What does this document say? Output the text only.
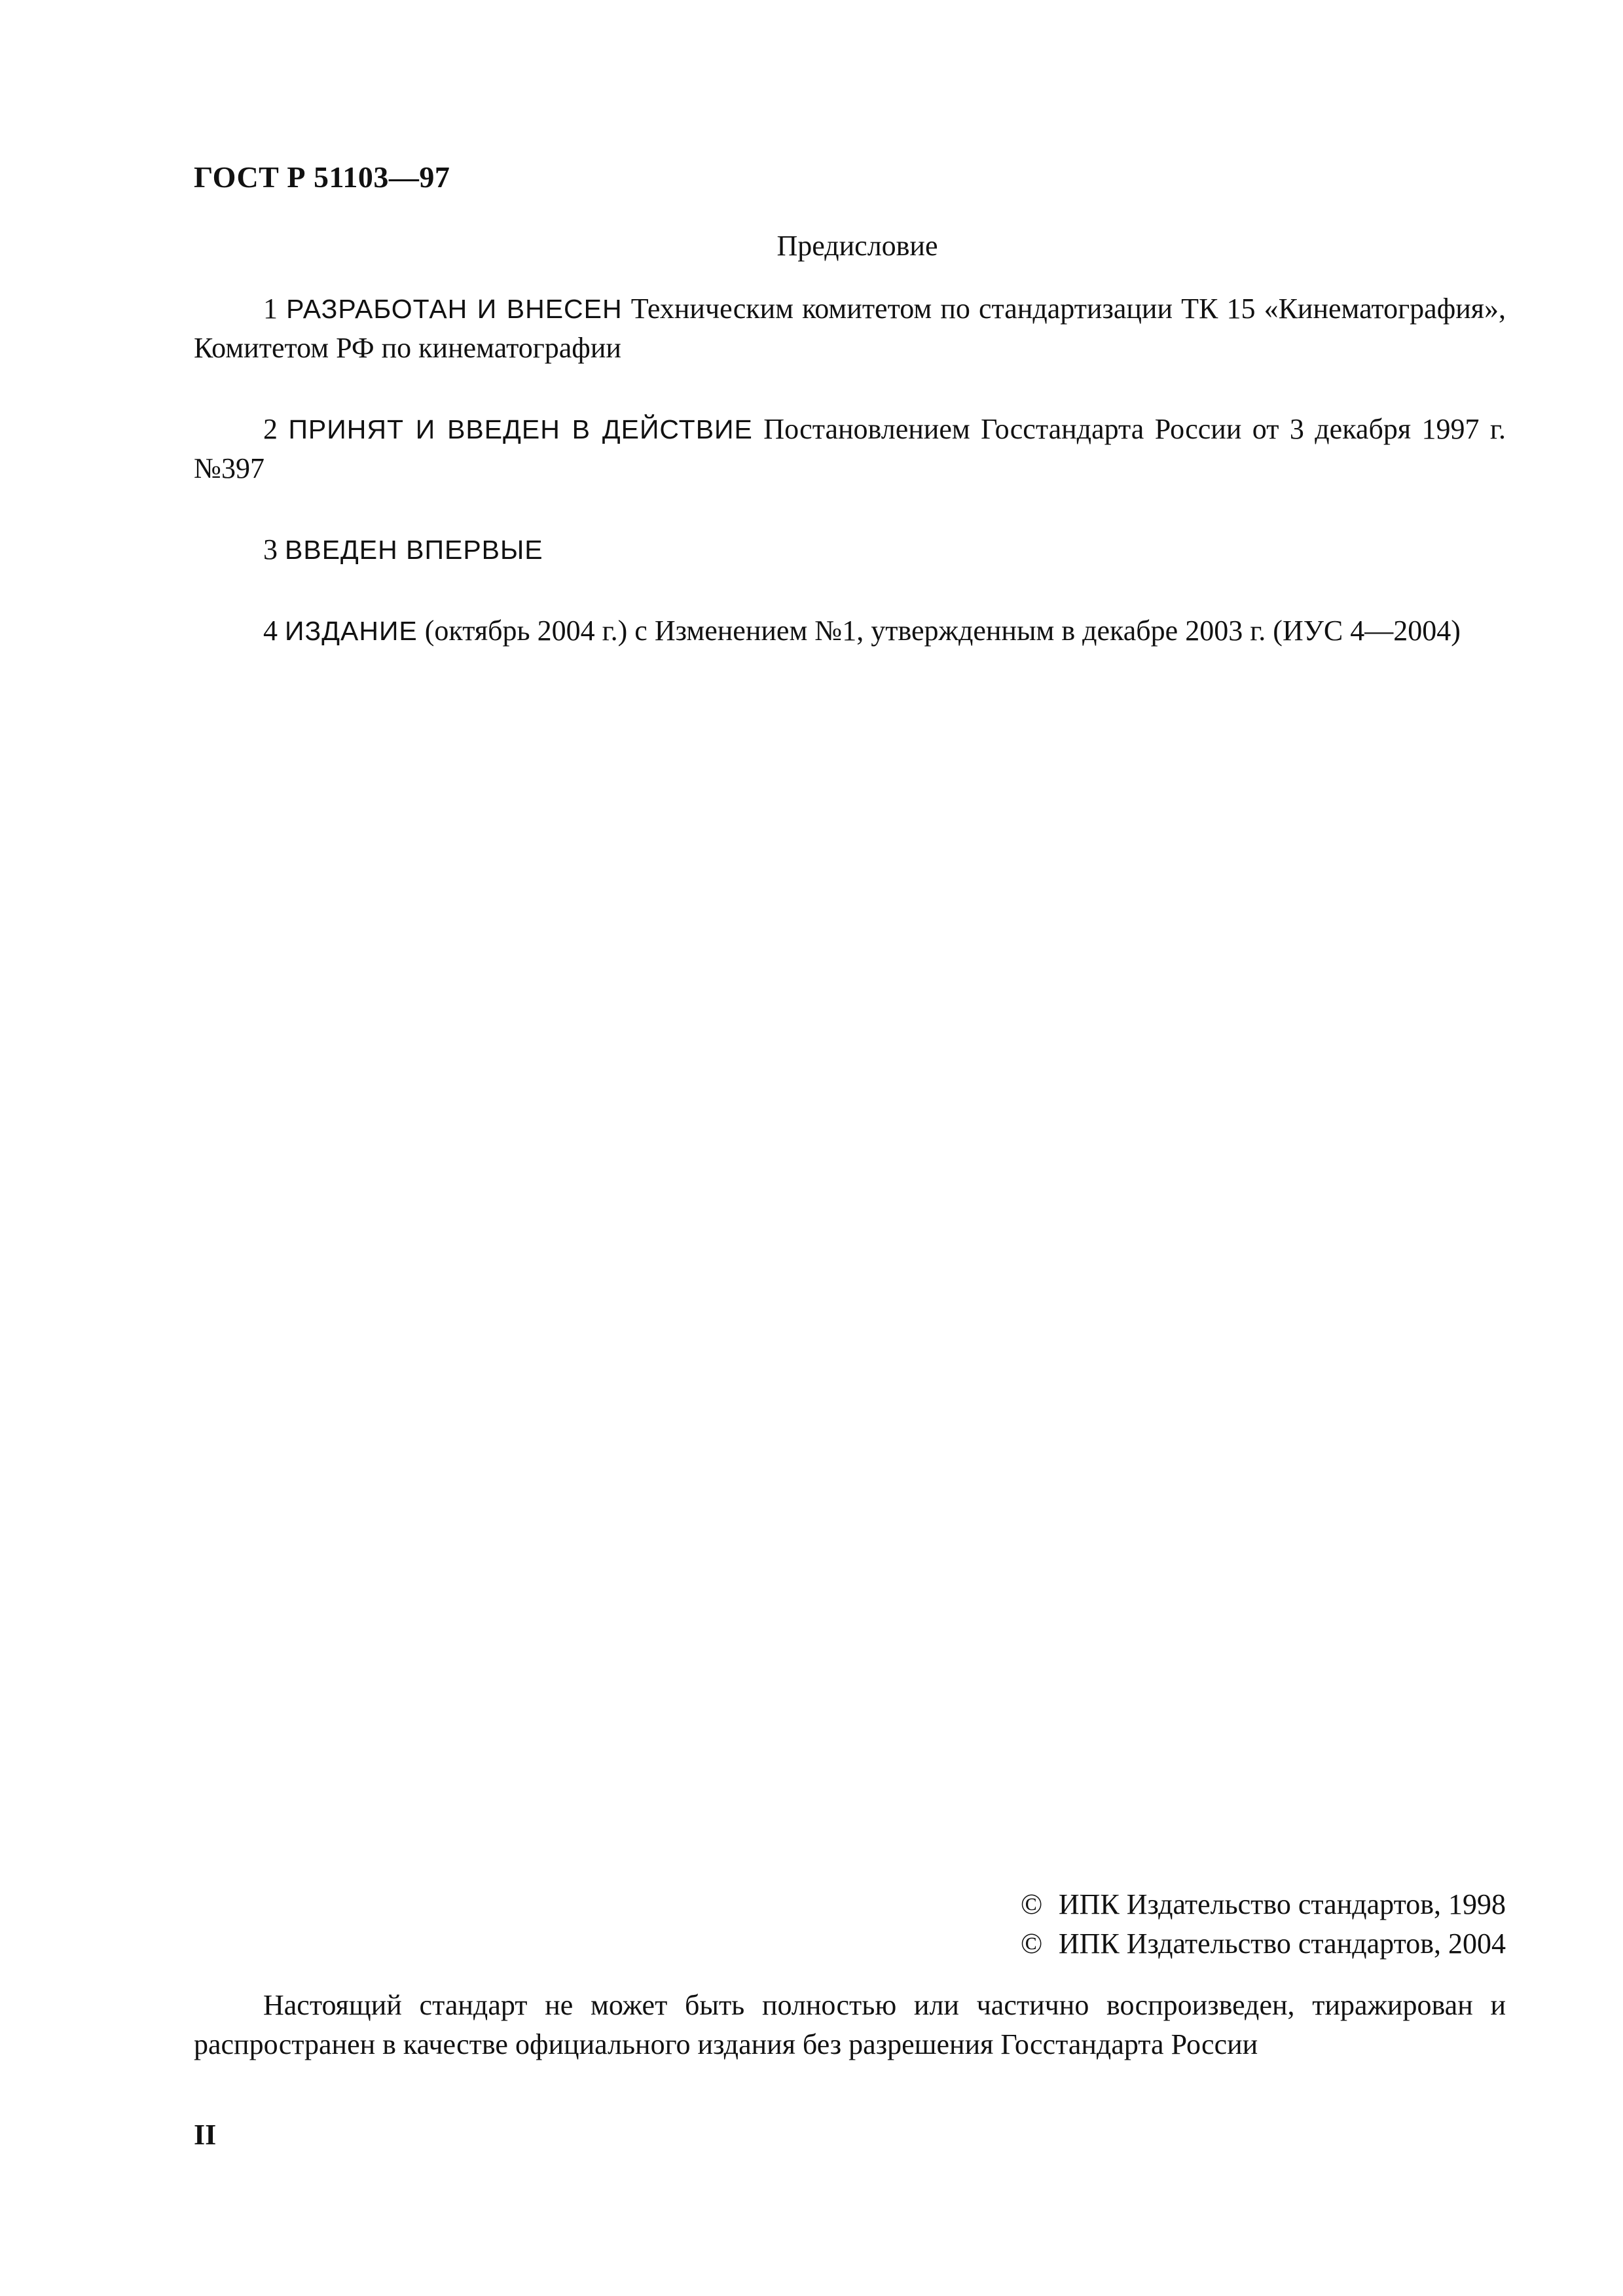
ГОСТ Р 51103—97
Предисловие

1 РАЗРАБОТАН И ВНЕСЕН Техническим комитетом по стандартизации ТК 15 «Кинематография», Комитетом РФ по кинематографии

2 ПРИНЯТ И ВВЕДЕН В ДЕЙСТВИЕ Постановлением Госстандарта России от 3 декабря 1997 г. №397

3 ВВЕДЕН ВПЕРВЫЕ

4 ИЗДАНИЕ (октябрь 2004 г.) с Изменением №1, утвержденным в декабре 2003 г. (ИУС 4—2004)

© ИПК Издательство стандартов, 1998
© ИПК Издательство стандартов, 2004
Настоящий стандарт не может быть полностью или частично воспроизведен, тиражирован и распространен в качестве официального издания без разрешения Госстандарта России
II
